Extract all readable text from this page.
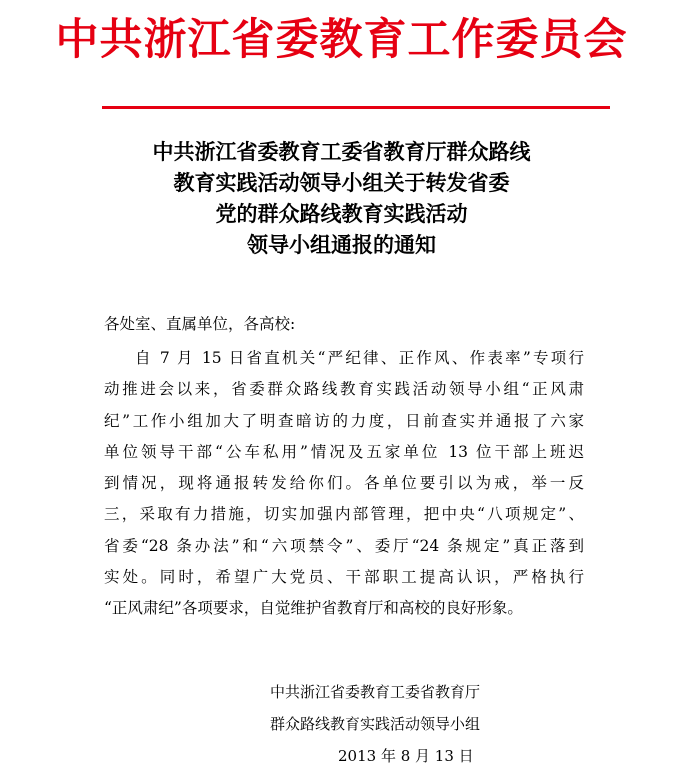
中共浙江省委教育工作委员会
中共浙江省委教育工委省教育厅群众路线
教育实践活动领导小组关于转发省委
党的群众路线教育实践活动
领导小组通报的通知
各处室、直属单位，各高校:
自 7 月 15 日省直机关“严纪律、正作风、作表率”专项行
动推进会以来，省委群众路线教育实践活动领导小组“正风肃
纪”工作小组加大了明查暗访的力度，日前查实并通报了六家
单位领导干部“公车私用”情况及五家单位 13 位干部上班迟
到情况，现将通报转发给你们。各单位要引以为戒，举一反
三，采取有力措施，切实加强内部管理，把中央“八项规定”、
省委“28 条办法”和“六项禁令”、委厅“24 条规定”真正落到
实处。同时，希望广大党员、干部职工提高认识，严格执行
“正风肃纪”各项要求，自觉维护省教育厅和高校的良好形象。
中共浙江省委教育工委省教育厅
群众路线教育实践活动领导小组
2013 年 8 月 13 日
